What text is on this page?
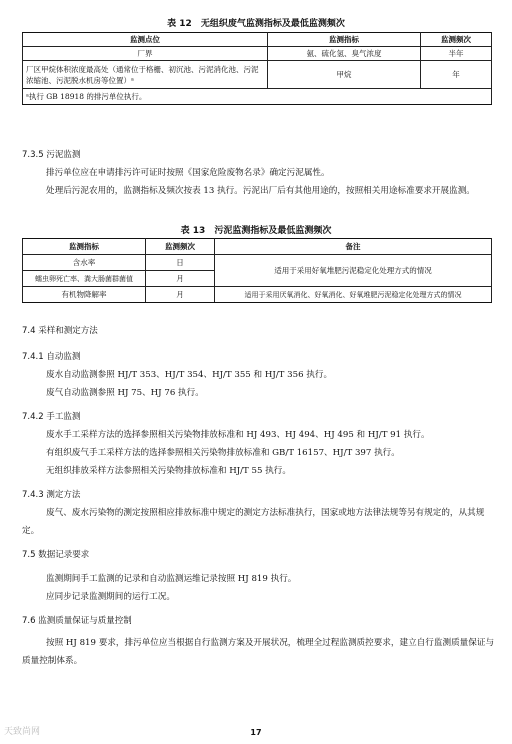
表 12　无组织废气监测指标及最低监测频次
监测点位	监测指标	监测频次
厂界	氨、硫化氢、臭气浓度	半年
厂区甲烷体积浓度最高处（通常位于格栅、初沉池、污泥消化池、污泥浓缩池、污泥脱水机房等位置）ᵃ	甲烷	年
ᵃ执行 GB 18918 的排污单位执行。		
7.3.5 污泥监测
排污单位应在申请排污许可证时按照《国家危险废物名录》确定污泥属性。
处理后污泥农用的，监测指标及频次按表 13 执行。污泥出厂后有其他用途的，按照相关用途标准要求开展监测。
表 13　污泥监测指标及最低监测频次
监测指标	监测频次	备注
含水率	日	适用于采用好氧堆肥污泥稳定化处理方式的情况
蠕虫卵死亡率、粪大肠菌群菌值	月	
有机物降解率	月	适用于采用厌氧消化、好氧消化、好氧堆肥污泥稳定化处理方式的情况
7.4 采样和测定方法
7.4.1 自动监测
废水自动监测参照 HJ/T 353、HJ/T 354、HJ/T 355 和 HJ/T 356 执行。
废气自动监测参照 HJ 75、HJ 76 执行。
7.4.2 手工监测
废水手工采样方法的选择参照相关污染物排放标准和 HJ 493、HJ 494、HJ 495 和 HJ/T 91 执行。
有组织废气手工采样方法的选择参照相关污染物排放标准和 GB/T 16157、HJ/T 397 执行。
无组织排放采样方法参照相关污染物排放标准和 HJ/T 55 执行。
7.4.3 测定方法
废气、废水污染物的测定按照相应排放标准中规定的测定方法标准执行，国家或地方法律法规等另有规定的，从其规定。
7.5 数据记录要求
监测期间手工监测的记录和自动监测运维记录按照 HJ 819 执行。
应同步记录监测期间的运行工况。
7.6 监测质量保证与质量控制
按照 HJ 819 要求，排污单位应当根据自行监测方案及开展状况，梳理全过程监测质控要求，建立自行监测质量保证与质量控制体系。
天致尚网	17
